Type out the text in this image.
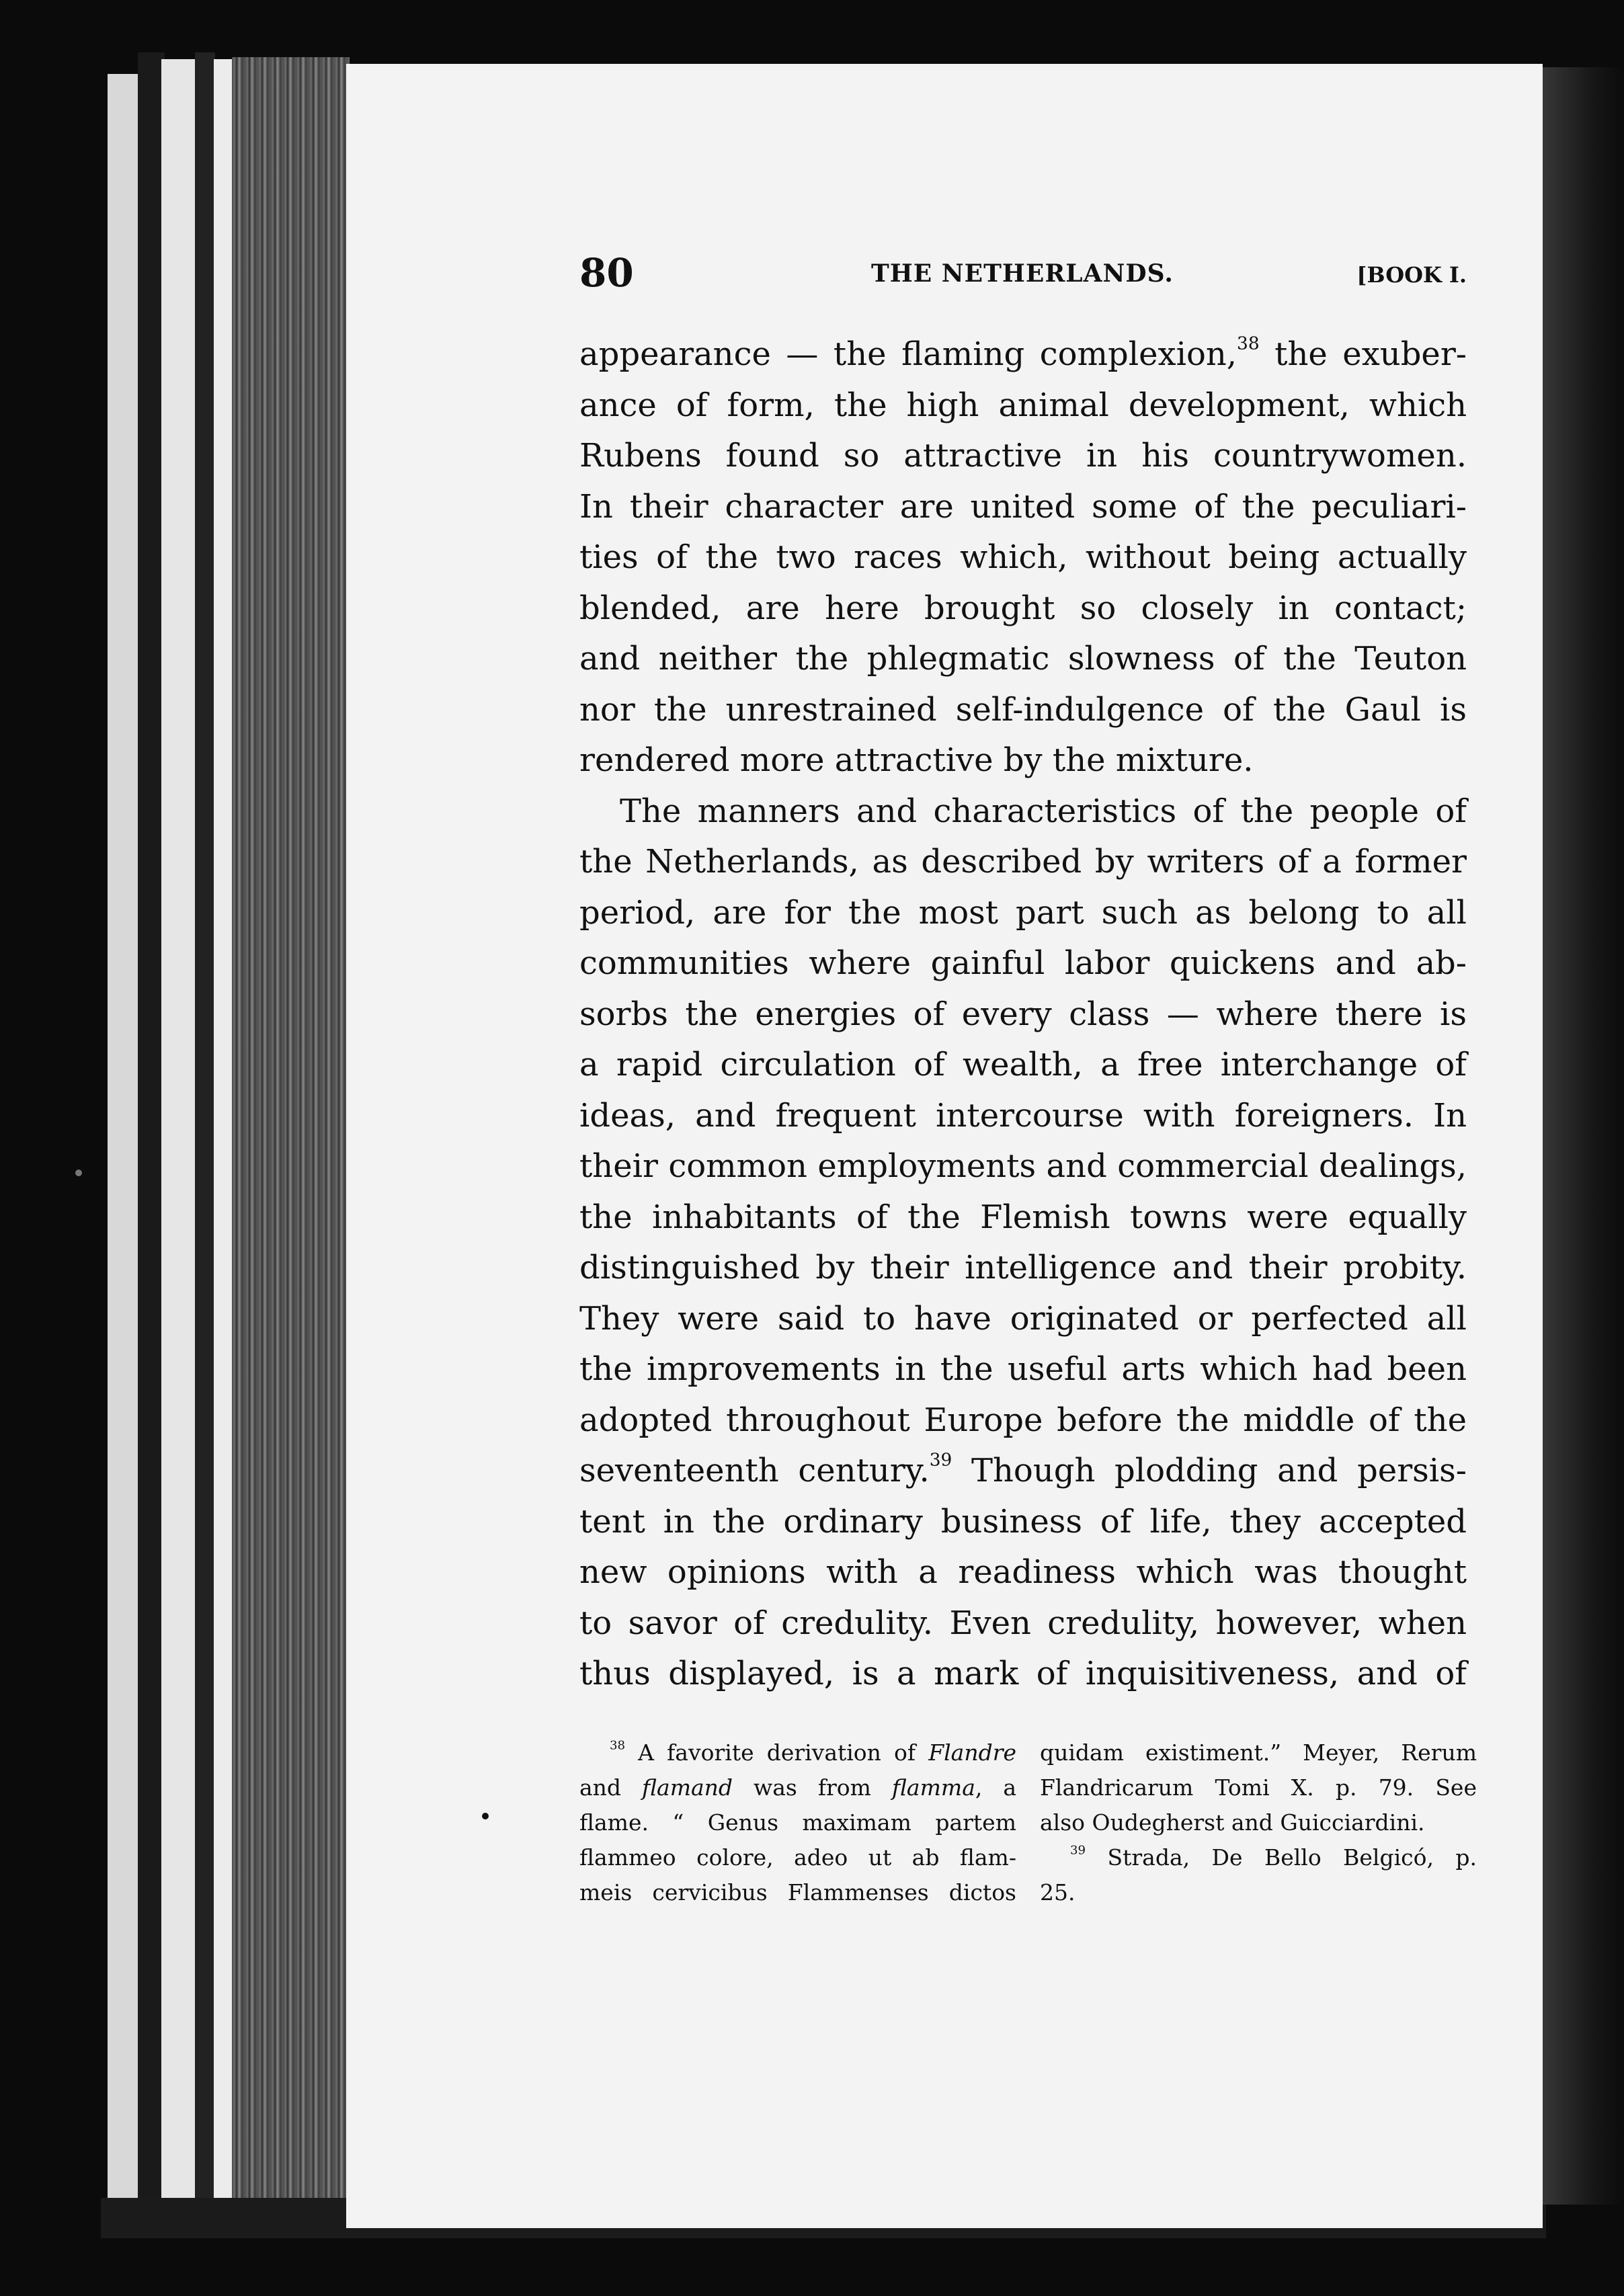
80	THE NETHERLANDS.	[BOOK I.
appearance — the flaming complexion,$^{38}$ the exuber-
ance of form, the high animal development, which
Rubens found so attractive in his countrywomen.
In their character are united some of the peculiari-
ties of the two races which, without being actually
blended, are here brought so closely in contact;
and neither the phlegmatic slowness of the Teuton
nor the unrestrained self-indulgence of the Gaul is
rendered more attractive by the mixture.
The manners and characteristics of the people of
the Netherlands, as described by writers of a former
period, are for the most part such as belong to all
communities where gainful labor quickens and ab-
sorbs the energies of every class — where there is
a rapid circulation of wealth, a free interchange of
ideas, and frequent intercourse with foreigners. In
their common employments and commercial dealings,
the inhabitants of the Flemish towns were equally
distinguished by their intelligence and their probity.
They were said to have originated or perfected all
the improvements in the useful arts which had been
adopted throughout Europe before the middle of the
seventeenth century.$^{39}$ Though plodding and persis-
tent in the ordinary business of life, they accepted
new opinions with a readiness which was thought
to savor of credulity. Even credulity, however, when
thus displayed, is a mark of inquisitiveness, and of
$^{38}$ A favorite derivation of Flandre
and flamand was from flamma, a
flame. “ Genus maximam partem
flammeo colore, adeo ut ab flam-
meis cervicibus Flammenses dictos
quidam existiment.” Meyer, Rerum
Flandricarum Tomi X. p. 79. See
also Oudegherst and Guicciardini.
$^{39}$ Strada, De Bello Belgicó, p.
25.
